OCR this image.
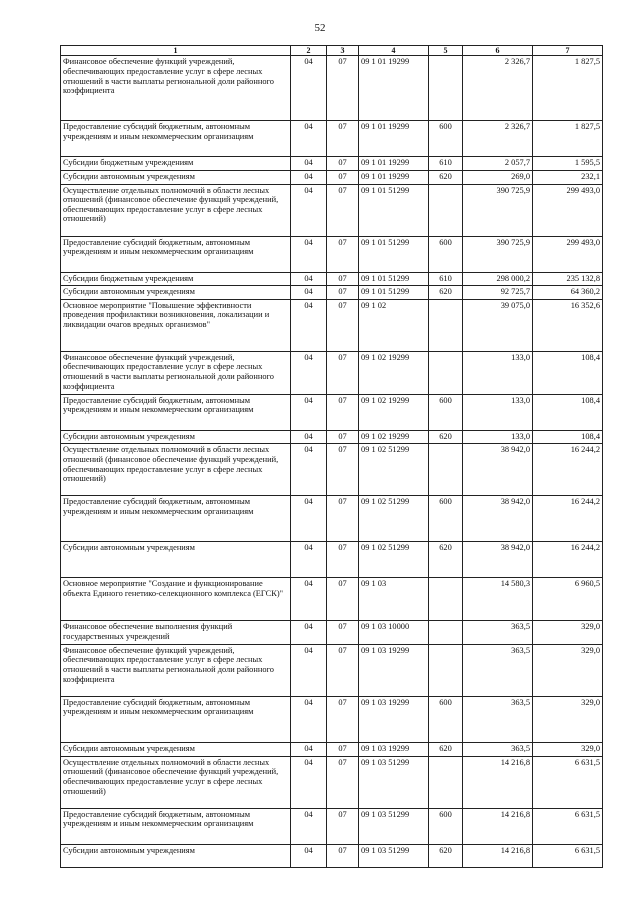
52
1	2	3	4	5	6	7
Финансовое обеспечение функций учреждений, обеспечивающих предоставление услуг в сфере лесных отношений в части выплаты региональной доли районного коэффициента	04	07	09 1 01 19299		2 326,7	1 827,5
Предоставление субсидий бюджетным, автономным учреждениям и иным некоммерческим организациям	04	07	09 1 01 19299	600	2 326,7	1 827,5
Субсидии бюджетным учреждениям	04	07	09 1 01 19299	610	2 057,7	1 595,5
Субсидии автономным учреждениям	04	07	09 1 01 19299	620	269,0	232,1
Осуществление отдельных полномочий в области лесных отношений (финансовое обеспечение функций учреждений, обеспечивающих предоставление услуг в сфере лесных отношений)	04	07	09 1 01 51299		390 725,9	299 493,0
Предоставление субсидий бюджетным, автономным учреждениям и иным некоммерческим организациям	04	07	09 1 01 51299	600	390 725,9	299 493,0
Субсидии бюджетным учреждениям	04	07	09 1 01 51299	610	298 000,2	235 132,8
Субсидии автономным учреждениям	04	07	09 1 01 51299	620	92 725,7	64 360,2
Основное мероприятие "Повышение эффективности проведения профилактики возникновения, локализации и ликвидации очагов вредных организмов"	04	07	09 1 02		39 075,0	16 352,6
Финансовое обеспечение функций учреждений, обеспечивающих предоставление услуг в сфере лесных отношений в части выплаты региональной доли районного коэффициента	04	07	09 1 02 19299		133,0	108,4
Предоставление субсидий бюджетным, автономным учреждениям и иным некоммерческим организациям	04	07	09 1 02 19299	600	133,0	108,4
Субсидии автономным учреждениям	04	07	09 1 02 19299	620	133,0	108,4
Осуществление отдельных полномочий в области лесных отношений (финансовое обеспечение функций учреждений, обеспечивающих предоставление услуг в сфере лесных отношений)	04	07	09 1 02 51299		38 942,0	16 244,2
Предоставление субсидий бюджетным, автономным учреждениям и иным некоммерческим организациям	04	07	09 1 02 51299	600	38 942,0	16 244,2
Субсидии автономным учреждениям	04	07	09 1 02 51299	620	38 942,0	16 244,2
Основное мероприятие "Создание и функционирование объекта Единого генетико-селекционного комплекса (ЕГСК)"	04	07	09 1 03		14 580,3	6 960,5
Финансовое обеспечение выполнения функций государственных учреждений	04	07	09 1 03 10000		363,5	329,0
Финансовое обеспечение функций учреждений, обеспечивающих предоставление услуг в сфере лесных отношений в части выплаты региональной доли районного коэффициента	04	07	09 1 03 19299		363,5	329,0
Предоставление субсидий бюджетным, автономным учреждениям и иным некоммерческим организациям	04	07	09 1 03 19299	600	363,5	329,0
Субсидии автономным учреждениям	04	07	09 1 03 19299	620	363,5	329,0
Осуществление отдельных полномочий в области лесных отношений (финансовое обеспечение функций учреждений, обеспечивающих предоставление услуг в сфере лесных отношений)	04	07	09 1 03 51299		14 216,8	6 631,5
Предоставление субсидий бюджетным, автономным учреждениям и иным некоммерческим организациям	04	07	09 1 03 51299	600	14 216,8	6 631,5
Субсидии автономным учреждениям	04	07	09 1 03 51299	620	14 216,8	6 631,5
